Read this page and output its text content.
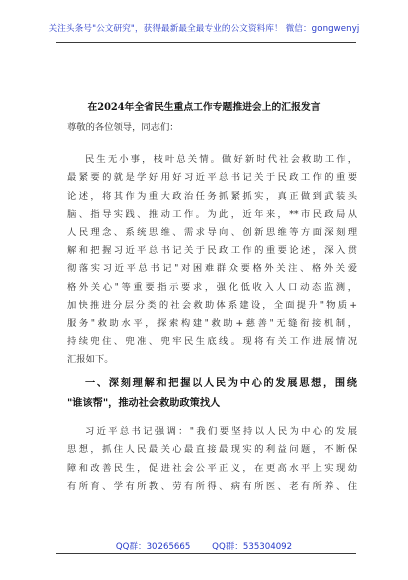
关注头条号"公文研究"，获得最新最全最专业的公文资料库！ 微信：gongwenyj
在2024年全省民生重点工作专题推进会上的汇报发言
尊敬的各位领导，同志们：
民生无小事，枝叶总关情。做好新时代社会救助工作，
最紧要的就是学好用好习近平总书记关于民政工作的重要
论述，将其作为重大政治任务抓紧抓实，真正做到武装头
脑、指导实践、推动工作。为此，近年来，**市民政局从
人民理念、系统思维、需求导向、创新思维等方面深刻理
解和把握习近平总书记关于民政工作的重要论述，深入贯
彻落实习近平总书记"对困难群众要格外关注、格外关爱
格外关心"等重要指示要求，强化低收入人口动态监测，
加快推进分层分类的社会救助体系建设，全面提升"物质+
服务"救助水平，探索构建"救助+慈善"无缝衔接机制，
持续兜住、兜准、兜牢民生底线。现将有关工作进展情况
汇报如下。
一、深刻理解和把握以人民为中心的发展思想，围绕
"谁该帮"，推动社会救助政策找人
习近平总书记强调："我们要坚持以人民为中心的发展
思想，抓住人民最关心最直接最现实的利益问题，不断保
障和改善民生，促进社会公平正义，在更高水平上实现幼
有所育、学有所教、劳有所得、病有所医、老有所养、住
QQ群：30265665        QQ群：535304092
